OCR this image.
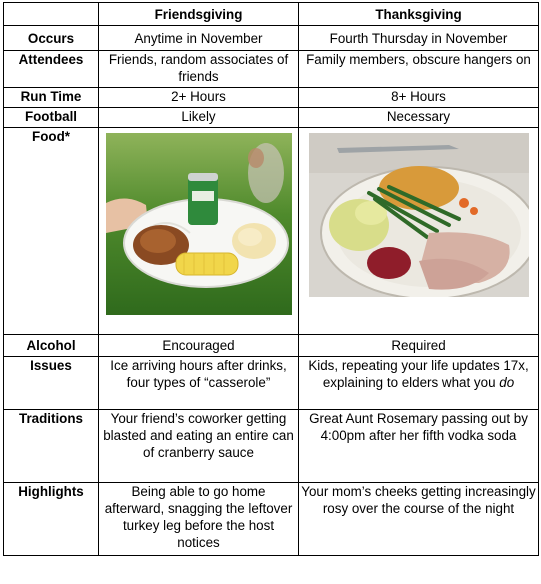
	Friendsgiving	Thanksgiving
Occurs	Anytime in November	Fourth Thursday in November
Attendees	Friends, random associates of friends	Family members, obscure hangers on
Run Time	2+ Hours	8+ Hours
Football	Likely	Necessary
Food*	

Alcohol	Encouraged	Required
Issues	Ice arriving hours after drinks, four types of “casserole”	Kids, repeating your life updates 17x, explaining to elders what you do
Traditions	Your friend’s coworker getting blasted and eating an entire can of cranberry sauce	Great Aunt Rosemary passing out by 4:00pm after her fifth vodka soda
Highlights	Being able to go home afterward, snagging the leftover turkey leg before the host notices	Your mom’s cheeks getting increasingly rosy over the course of the night
